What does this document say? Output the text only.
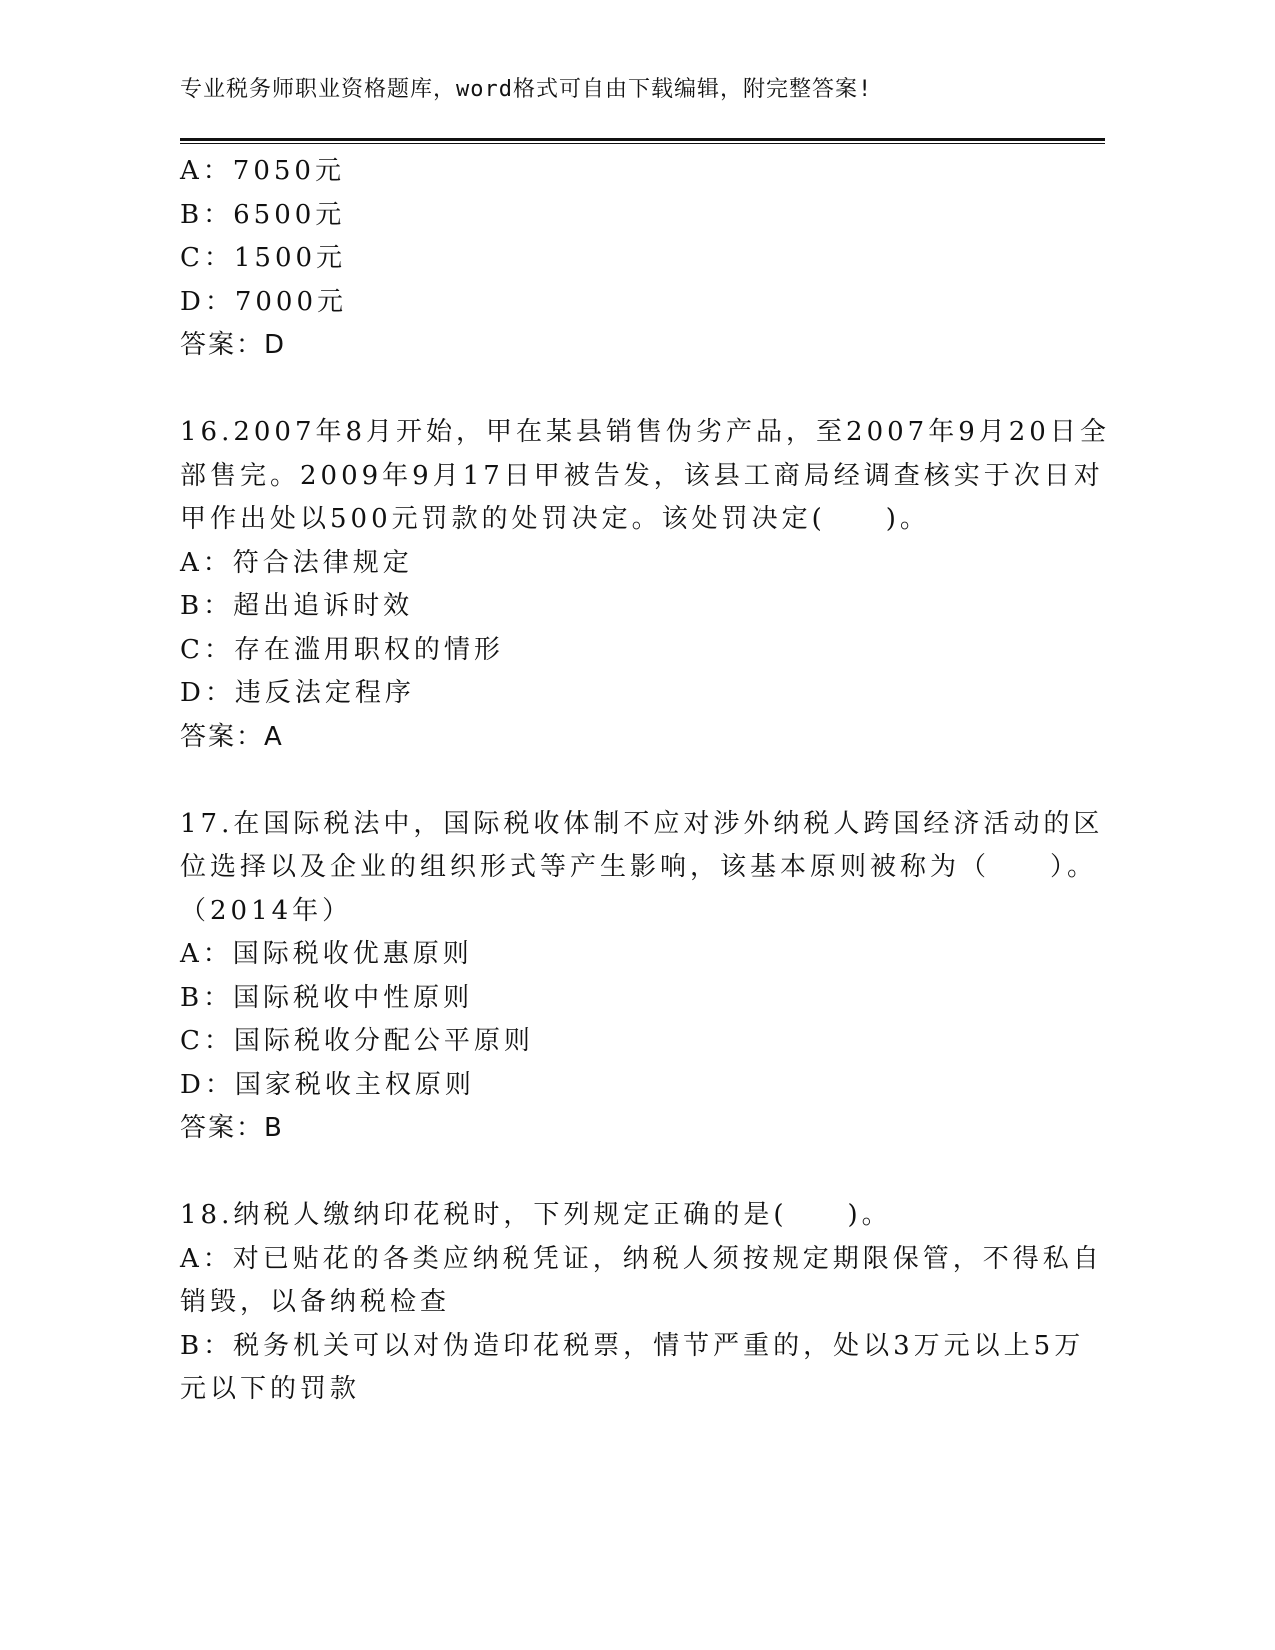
专业税务师职业资格题库，word格式可自由下载编辑，附完整答案!
A：7050元
B：6500元
C：1500元
D：7000元
答案：D
16.2007年8月开始，甲在某县销售伪劣产品，至2007年9月20日全
部售完。2009年9月17日甲被告发，该县工商局经调查核实于次日对
甲作出处以500元罚款的处罚决定。该处罚决定(　　)。
A：符合法律规定
B：超出追诉时效
C：存在滥用职权的情形
D：违反法定程序
答案：A
17.在国际税法中，国际税收体制不应对涉外纳税人跨国经济活动的区
位选择以及企业的组织形式等产生影响，该基本原则被称为（　　）。
（2014年）
A：国际税收优惠原则
B：国际税收中性原则
C：国际税收分配公平原则
D：国家税收主权原则
答案：B
18.纳税人缴纳印花税时，下列规定正确的是(　　)。
A：对已贴花的各类应纳税凭证，纳税人须按规定期限保管，不得私自
销毁，以备纳税检查
B：税务机关可以对伪造印花税票，情节严重的，处以3万元以上5万
元以下的罚款
